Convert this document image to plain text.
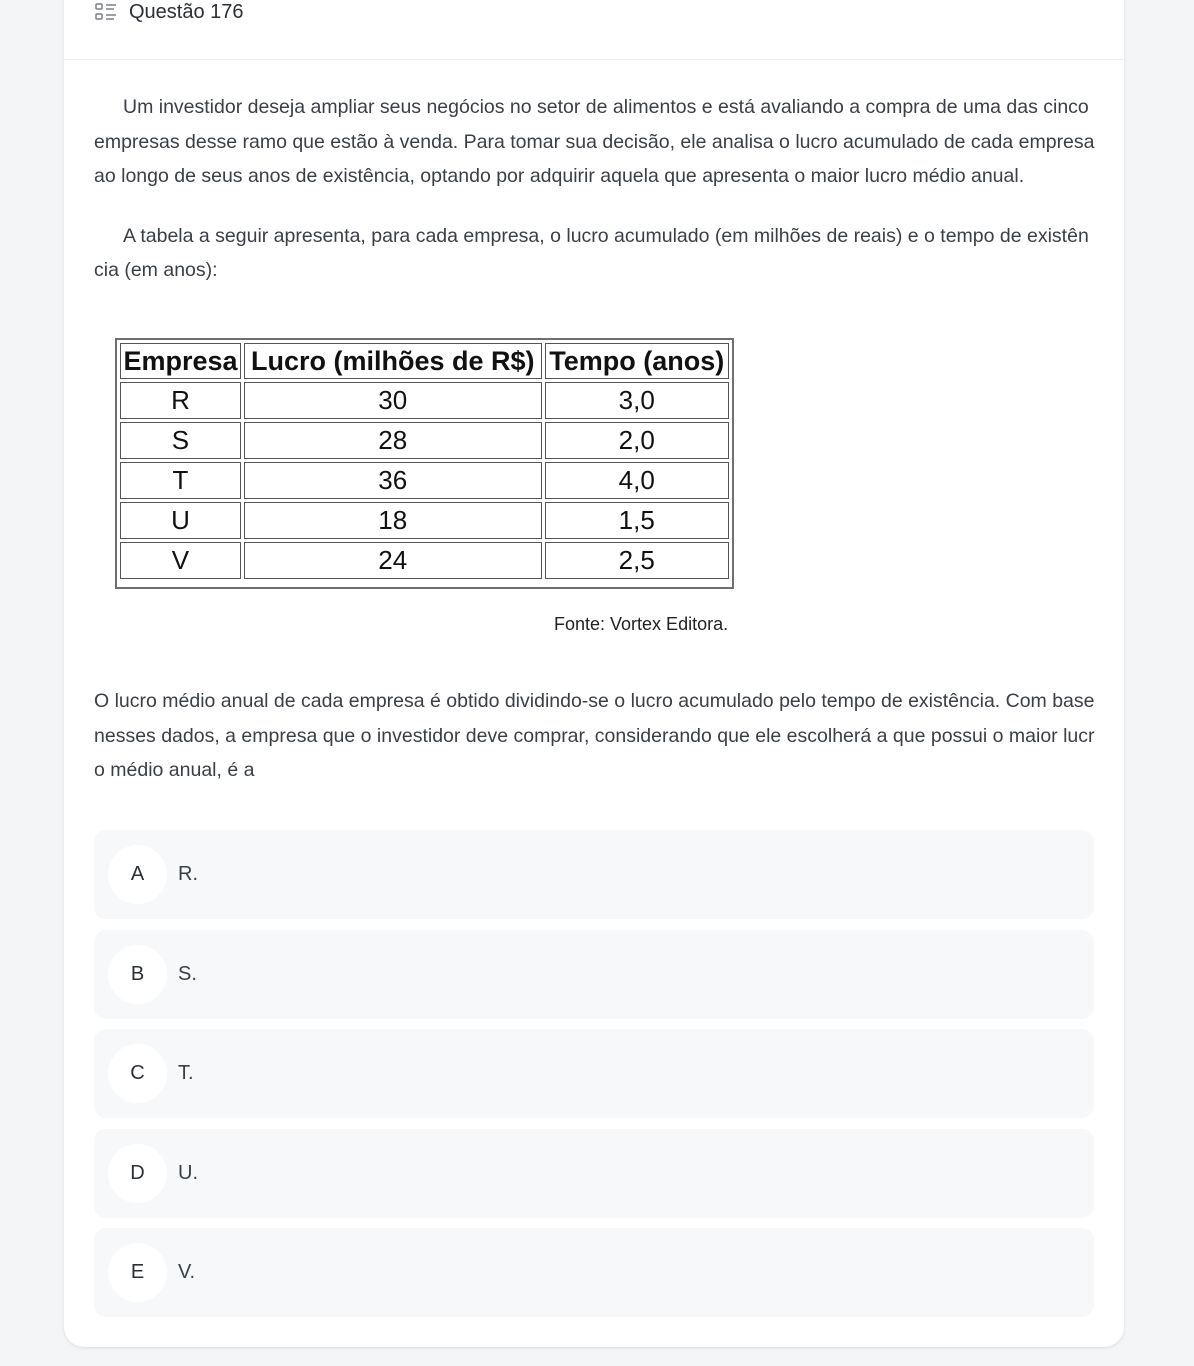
Questão 176

Um investidor deseja ampliar seus negócios no setor de alimentos e está avaliando a compra de uma das cinco empresas desse ramo que estão à venda. Para tomar sua decisão, ele analisa o lucro acumulado de cada empresa ao longo de seus anos de existência, optando por adquirir aquela que apresenta o maior lucro médio anual.

A tabela a seguir apresenta, para cada empresa, o lucro acumulado (em milhões de reais) e o tempo de existência (em anos):

Empresa	Lucro (milhões de R$)	Tempo (anos)
R	30	3,0
S	28	2,0
T	36	4,0
U	18	1,5
V	24	2,5
Fonte: Vortex Editora.

O lucro médio anual de cada empresa é obtido dividindo-se o lucro acumulado pelo tempo de existência. Com base nesses dados, a empresa que o investidor deve comprar, considerando que ele escolherá a que possui o maior lucro médio anual, é a

A	R.
B	S.
C	T.
D	U.
E	V.
